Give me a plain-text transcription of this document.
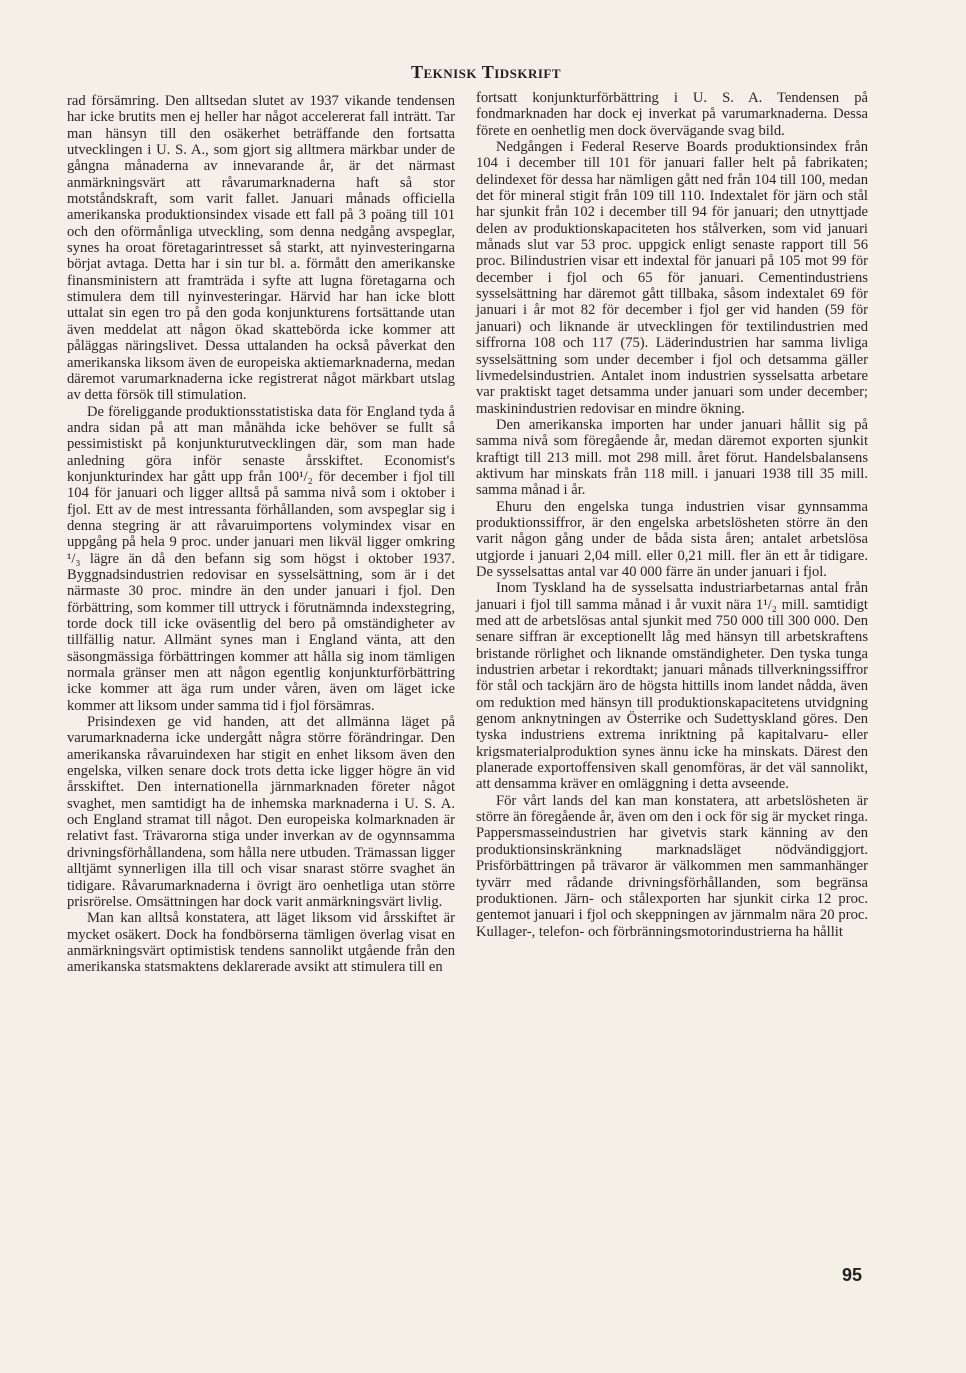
Teknisk Tidskrift

rad försämring. Den alltsedan slutet av 1937 vikande tendensen har icke brutits men ej heller har något accelererat fall inträtt. Tar man hänsyn till den osäkerhet beträffande den fortsatta utvecklingen i U. S. A., som gjort sig alltmera märkbar under de gångna månaderna av innevarande år, är det närmast anmärkningsvärt att råvarumarknaderna haft så stor motståndskraft, som varit fallet. Januari månads officiella amerikanska produktionsindex visade ett fall på 3 poäng till 101 och den oförmånliga utveckling, som denna nedgång avspeglar, synes ha oroat företagarintresset så starkt, att nyinvesteringarna börjat avtaga. Detta har i sin tur bl. a. förmått den amerikanske finansministern att framträda i syfte att lugna företagarna och stimulera dem till nyinvesteringar. Härvid har han icke blott uttalat sin egen tro på den goda konjunkturens fortsättande utan även meddelat att någon ökad skattebörda icke kommer att påläggas näringslivet. Dessa uttalanden ha också påverkat den amerikanska liksom även de europeiska aktiemarknaderna, medan däremot varumarknaderna icke registrerat något märkbart utslag av detta försök till stimulation.

De föreliggande produktionsstatistiska data för England tyda å andra sidan på att man månähda icke behöver se fullt så pessimistiskt på konjunkturutvecklingen där, som man hade anledning göra inför senaste årsskiftet. Economist's konjunkturindex har gått upp från 100¹/₂ för december i fjol till 104 för januari och ligger alltså på samma nivå som i oktober i fjol. Ett av de mest intressanta förhållanden, som avspeglar sig i denna stegring är att råvaruimportens volymindex visar en uppgång på hela 9 proc. under januari men likväl ligger omkring ¹/₃ lägre än då den befann sig som högst i oktober 1937. Byggnadsindustrien redovisar en sysselsättning, som är i det närmaste 30 proc. mindre än den under januari i fjol. Den förbättring, som kommer till uttryck i förutnämnda indexstegring, torde dock till icke oväsentlig del bero på omständigheter av tillfällig natur. Allmänt synes man i England vänta, att den säsongmässiga förbättringen kommer att hålla sig inom tämligen normala gränser men att någon egentlig konjunkturförbättring icke kommer att äga rum under våren, även om läget icke kommer att liksom under samma tid i fjol försämras.

Prisindexen ge vid handen, att det allmänna läget på varumarknaderna icke undergått några större förändringar. Den amerikanska råvaruindexen har stigit en enhet liksom även den engelska, vilken senare dock trots detta icke ligger högre än vid årsskiftet. Den internationella järnmarknaden företer något svaghet, men samtidigt ha de inhemska marknaderna i U. S. A. och England stramat till något. Den europeiska kolmarknaden är relativt fast. Trävarorna stiga under inverkan av de ogynnsamma drivningsförhållandena, som hålla nere utbuden. Trämassan ligger alltjämt synnerligen illa till och visar snarast större svaghet än tidigare. Råvarumarknaderna i övrigt äro oenhetliga utan större prisrörelse. Omsättningen har dock varit anmärkningsvärt livlig.

Man kan alltså konstatera, att läget liksom vid årsskiftet är mycket osäkert. Dock ha fondbörserna tämligen överlag visat en anmärkningsvärt optimistisk tendens sannolikt utgående från den amerikanska statsmaktens deklarerade avsikt att stimulera till en

fortsatt konjunkturförbättring i U. S. A. Tendensen på fondmarknaden har dock ej inverkat på varumarknaderna. Dessa förete en oenhetlig men dock övervägande svag bild.

Nedgången i Federal Reserve Boards produktionsindex från 104 i december till 101 för januari faller helt på fabrikaten; delindexet för dessa har nämligen gått ned från 104 till 100, medan det för mineral stigit från 109 till 110. Indextalet för järn och stål har sjunkit från 102 i december till 94 för januari; den utnyttjade delen av produktionskapaciteten hos stålverken, som vid januari månads slut var 53 proc. uppgick enligt senaste rapport till 56 proc. Bilindustrien visar ett indextal för januari på 105 mot 99 för december i fjol och 65 för januari. Cementindustriens sysselsättning har däremot gått tillbaka, såsom indextalet 69 för januari i år mot 82 för december i fjol ger vid handen (59 för januari) och liknande är utvecklingen för textilindustrien med siffrorna 108 och 117 (75). Läderindustrien har samma livliga sysselsättning som under december i fjol och detsamma gäller livmedelsindustrien. Antalet inom industrien sysselsatta arbetare var praktiskt taget detsamma under januari som under december; maskinindustrien redovisar en mindre ökning.

Den amerikanska importen har under januari hållit sig på samma nivå som föregående år, medan däremot exporten sjunkit kraftigt till 213 mill. mot 298 mill. året förut. Handelsbalansens aktivum har minskats från 118 mill. i januari 1938 till 35 mill. samma månad i år.

Ehuru den engelska tunga industrien visar gynnsamma produktionssiffror, är den engelska arbetslösheten större än den varit någon gång under de båda sista åren; antalet arbetslösa utgjorde i januari 2,04 mill. eller 0,21 mill. fler än ett år tidigare. De sysselsattas antal var 40 000 färre än under januari i fjol.

Inom Tyskland ha de sysselsatta industriarbetarnas antal från januari i fjol till samma månad i år vuxit nära 1¹/₂ mill. samtidigt med att de arbetslösas antal sjunkit med 750 000 till 300 000. Den senare siffran är exceptionellt låg med hänsyn till arbetskraftens bristande rörlighet och liknande omständigheter. Den tyska tunga industrien arbetar i rekordtakt; januari månads tillverkningssiffror för stål och tackjärn äro de högsta hittills inom landet nådda, även om reduktion med hänsyn till produktionskapacitetens utvidgning genom anknytningen av Österrike och Sudettyskland göres. Den tyska industriens extrema inriktning på kapitalvaru- eller krigsmaterialproduktion synes ännu icke ha minskats. Därest den planerade exportoffensiven skall genomföras, är det väl sannolikt, att densamma kräver en omläggning i detta avseende.

För vårt lands del kan man konstatera, att arbetslösheten är större än föregående år, även om den i ock för sig är mycket ringa. Pappersmasseindustrien har givetvis stark känning av den produktionsinskränkning marknadsläget nödvändiggjort. Prisförbättringen på trävaror är välkommen men sammanhänger tyvärr med rådande drivningsförhållanden, som begränsa produktionen. Järn- och stålexporten har sjunkit cirka 12 proc. gentemot januari i fjol och skeppningen av järnmalm nära 20 proc. Kullager-, telefon- och förbränningsmotorindustrierna ha hållit

95
